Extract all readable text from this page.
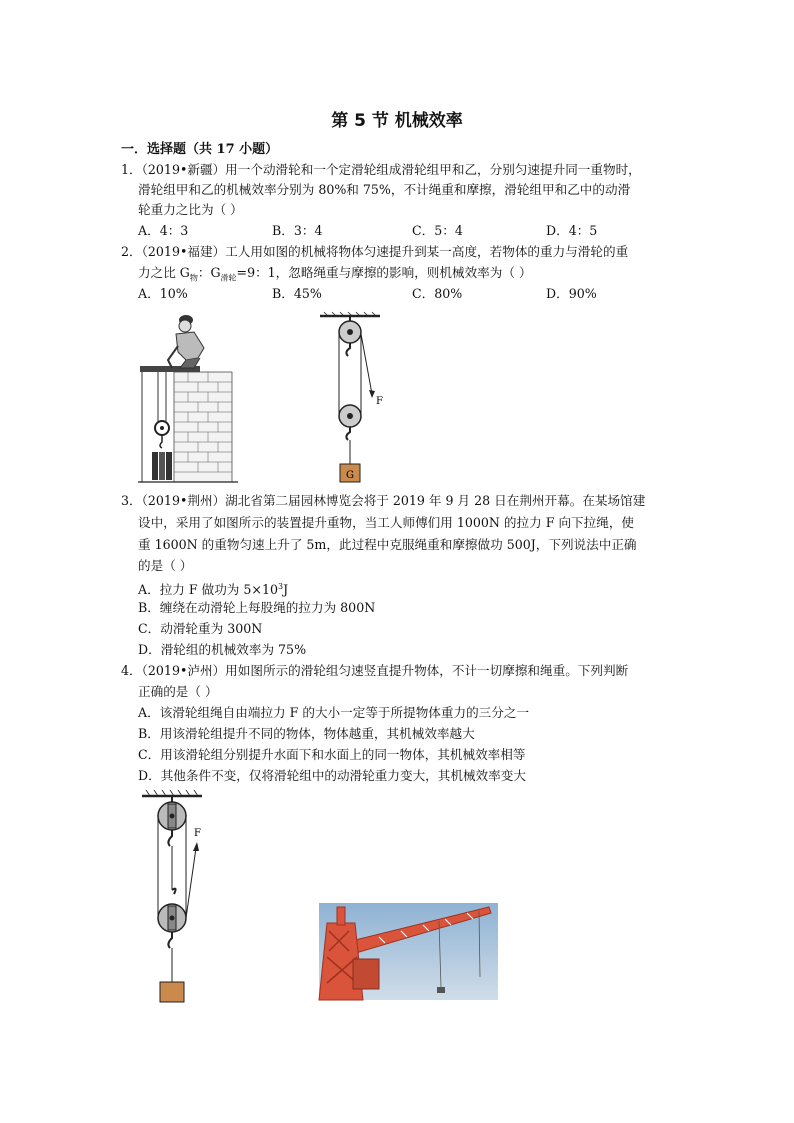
第 5 节 机械效率
一．选择题（共 17 小题）
1．（2019•新疆）用一个动滑轮和一个定滑轮组成滑轮组甲和乙，分别匀速提升同一重物时，
滑轮组甲和乙的机械效率分别为 80%和 75%，不计绳重和摩擦，滑轮组甲和乙中的动滑
轮重力之比为（ ）
A．4：3	B．3：4	C．5：4	D．4：5
2．（2019•福建）工人用如图的机械将物体匀速提升到某一高度，若物体的重力与滑轮的重
力之比 $G_物$：$G_{滑轮}=9$：1，忽略绳重与摩擦的影响，则机械效率为（ ）
A．10%	B．45%	C．80%	D．90%
F
G
3．（2019•荆州）湖北省第二届园林博览会将于 2019 年 9 月 28 日在荆州开幕。在某场馆建
设中，采用了如图所示的装置提升重物，当工人师傅们用 1000N 的拉力 F 向下拉绳，使
重 1600N 的重物匀速上升了 5m，此过程中克服绳重和摩擦做功 500J，下列说法中正确
的是（ ）
A．拉力 F 做功为 $5\times 10^3J$
B．缠绕在动滑轮上每股绳的拉力为 800N
C．动滑轮重为 300N
D．滑轮组的机械效率为 75%
4．（2019•泸州）用如图所示的滑轮组匀速竖直提升物体，不计一切摩擦和绳重。下列判断
正确的是（ ）
A．该滑轮组绳自由端拉力 F 的大小一定等于所提物体重力的三分之一
B．用该滑轮组提升不同的物体，物体越重，其机械效率越大
C．用该滑轮组分别提升水面下和水面上的同一物体，其机械效率相等
D．其他条件不变，仅将滑轮组中的动滑轮重力变大，其机械效率变大
F
